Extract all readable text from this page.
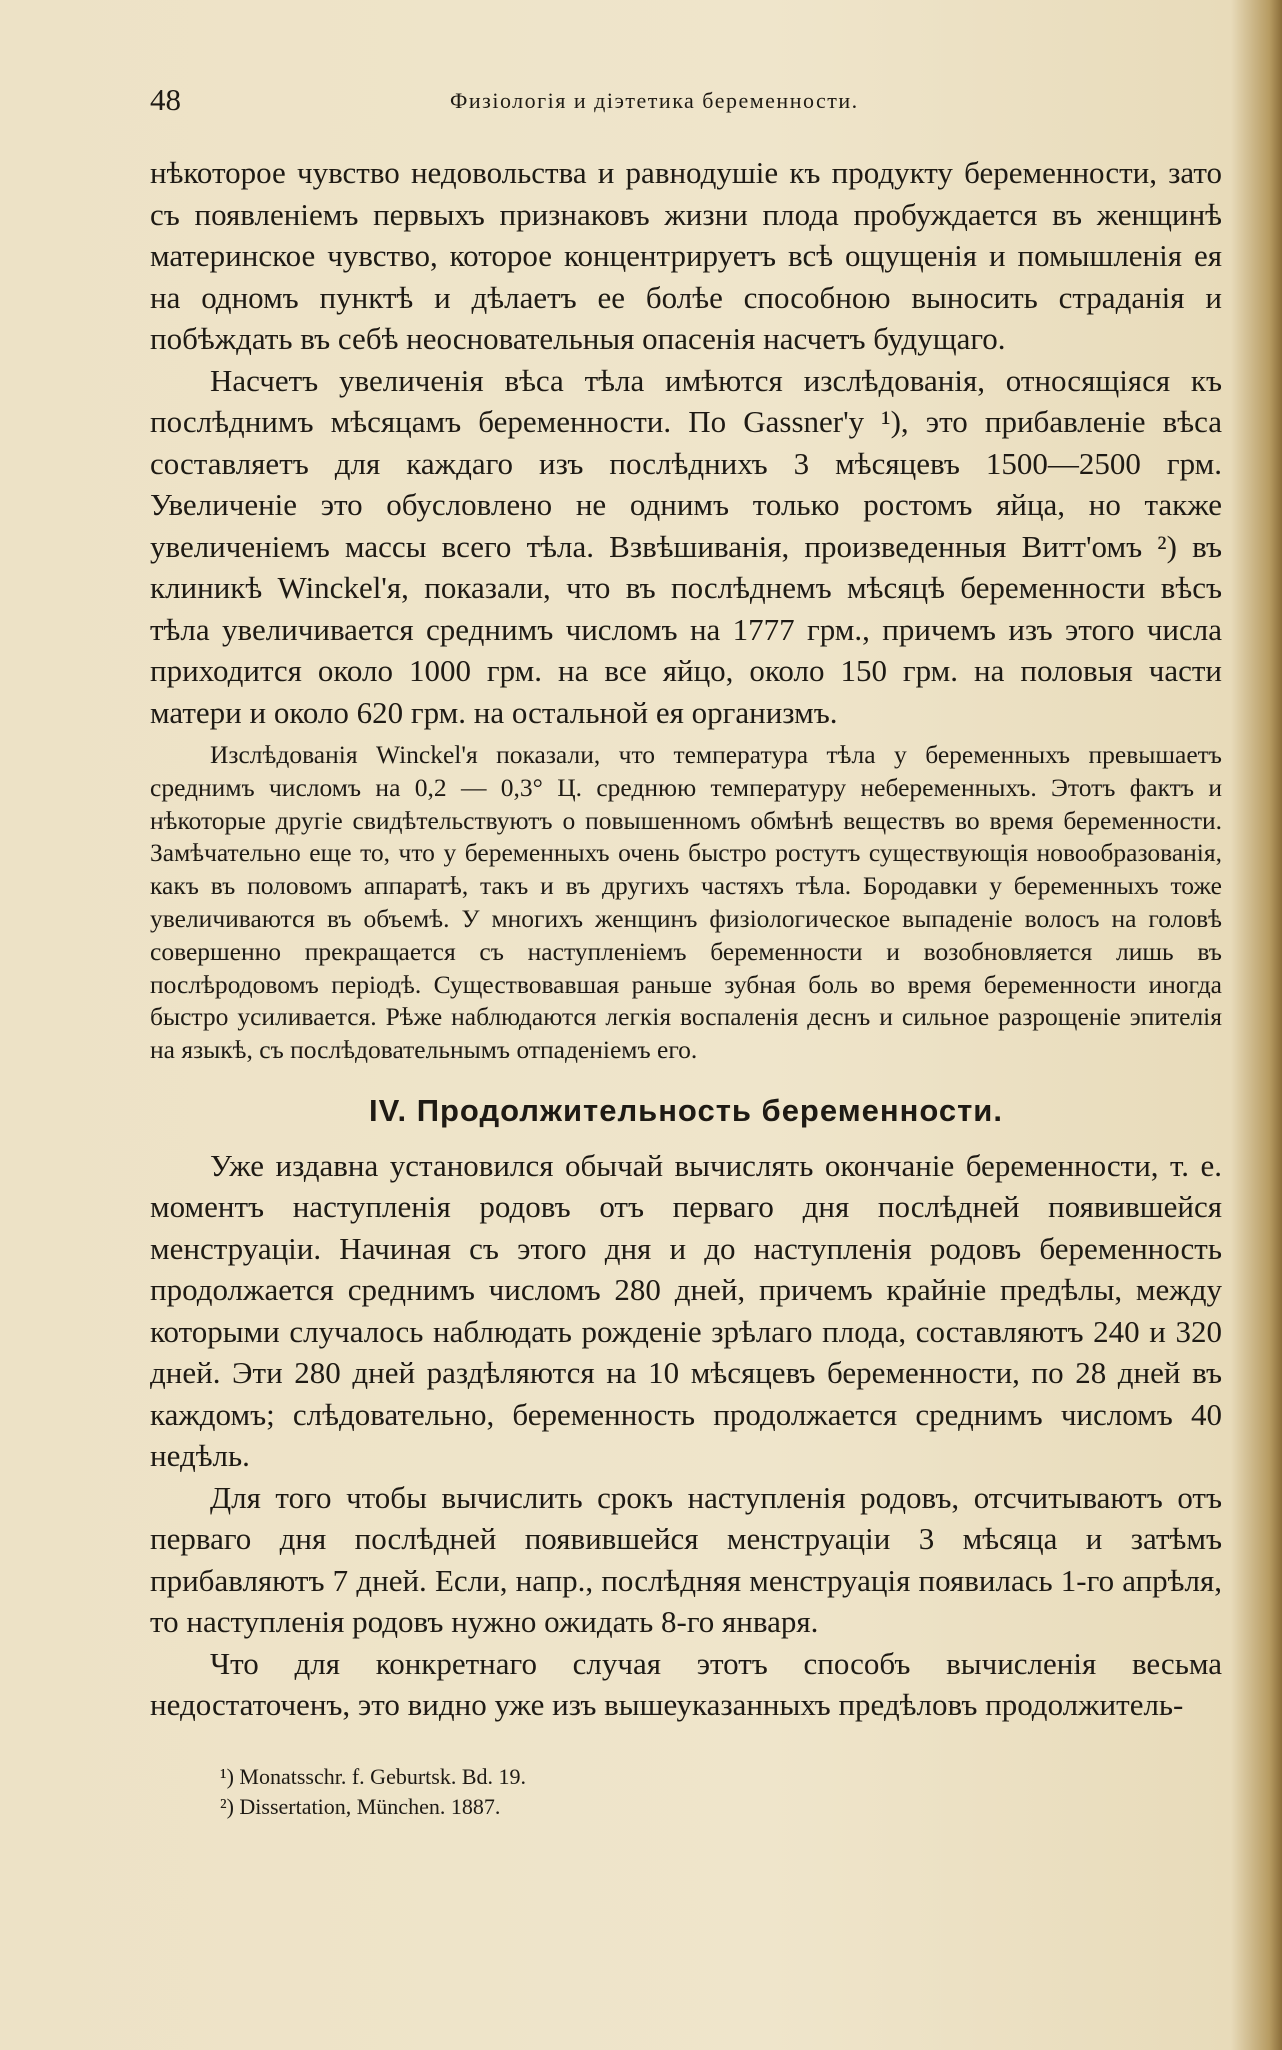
48	Физiологiя и дiэтетика беременности.

нѣкоторое чувство недовольства и равнодушiе къ продукту беременности, зато съ появленiемъ первыхъ признаковъ жизни плода пробуждается въ женщинѣ материнское чувство, которое концентрируетъ всѣ ощущенiя и помышленiя ея на одномъ пунктѣ и дѣлаетъ ее болѣе способною выносить страданiя и побѣждать въ себѣ неосновательныя опасенiя насчетъ будущаго.

Насчетъ увеличенiя вѣса тѣла имѣются изслѣдованiя, относящiяся къ послѣднимъ мѣсяцамъ беременности. По Gassner'у ¹), это прибавленiе вѣса составляетъ для каждаго изъ послѣднихъ 3 мѣсяцевъ 1500—2500 грм. Увеличенiе это обусловлено не однимъ только ростомъ яйца, но также увеличенiемъ массы всего тѣла. Взвѣшиванiя, произведенныя Витт'омъ ²) въ клиникѣ Winckel'я, показали, что въ послѣднемъ мѣсяцѣ беременности вѣсъ тѣла увеличивается среднимъ числомъ на 1777 грм., причемъ изъ этого числа приходится около 1000 грм. на все яйцо, около 150 грм. на половыя части матери и около 620 грм. на остальной ея организмъ.

Изслѣдованiя Winckel'я показали, что температура тѣла у беременныхъ превышаетъ среднимъ числомъ на 0,2 — 0,3° Ц. среднюю температуру небеременныхъ. Этотъ фактъ и нѣкоторые другiе свидѣтельствуютъ о повышенномъ обмѣнѣ веществъ во время беременности. Замѣчательно еще то, что у беременныхъ очень быстро ростутъ существующiя новообразованiя, какъ въ половомъ аппаратѣ, такъ и въ другихъ частяхъ тѣла. Бородавки у беременныхъ тоже увеличиваются въ объемѣ. У многихъ женщинъ физiологическое выпаденiе волосъ на головѣ совершенно прекращается съ наступленiемъ беременности и возобновляется лишь въ послѣродовомъ перiодѣ. Существовавшая раньше зубная боль во время беременности иногда быстро усиливается. Рѣже наблюдаются легкiя воспаленiя деснъ и сильное разрощенiе эпителiя на языкѣ, съ послѣдовательнымъ отпаденiемъ его.

IV. Продолжительность беременности.

Уже издавна установился обычай вычислять окончанiе беременности, т. е. моментъ наступленiя родовъ отъ перваго дня послѣдней появившейся менструацiи. Начиная съ этого дня и до наступленiя родовъ беременность продолжается среднимъ числомъ 280 дней, причемъ крайнiе предѣлы, между которыми случалось наблюдать рожденiе зрѣлаго плода, составляютъ 240 и 320 дней. Эти 280 дней раздѣляются на 10 мѣсяцевъ беременности, по 28 дней въ каждомъ; слѣдовательно, беременность продолжается среднимъ числомъ 40 недѣль.

Для того чтобы вычислить срокъ наступленiя родовъ, отсчитываютъ отъ перваго дня послѣдней появившейся менструацiи 3 мѣсяца и затѣмъ прибавляютъ 7 дней. Если, напр., послѣдняя менструацiя появилась 1-го апрѣля, то наступленiя родовъ нужно ожидать 8-го января.

Что для конкретнаго случая этотъ способъ вычисленiя весьма недостаточенъ, это видно уже изъ вышеуказанныхъ предѣловъ продолжитель-

¹) Monatsschr. f. Geburtsk. Bd. 19.

²) Dissertation, München. 1887.
